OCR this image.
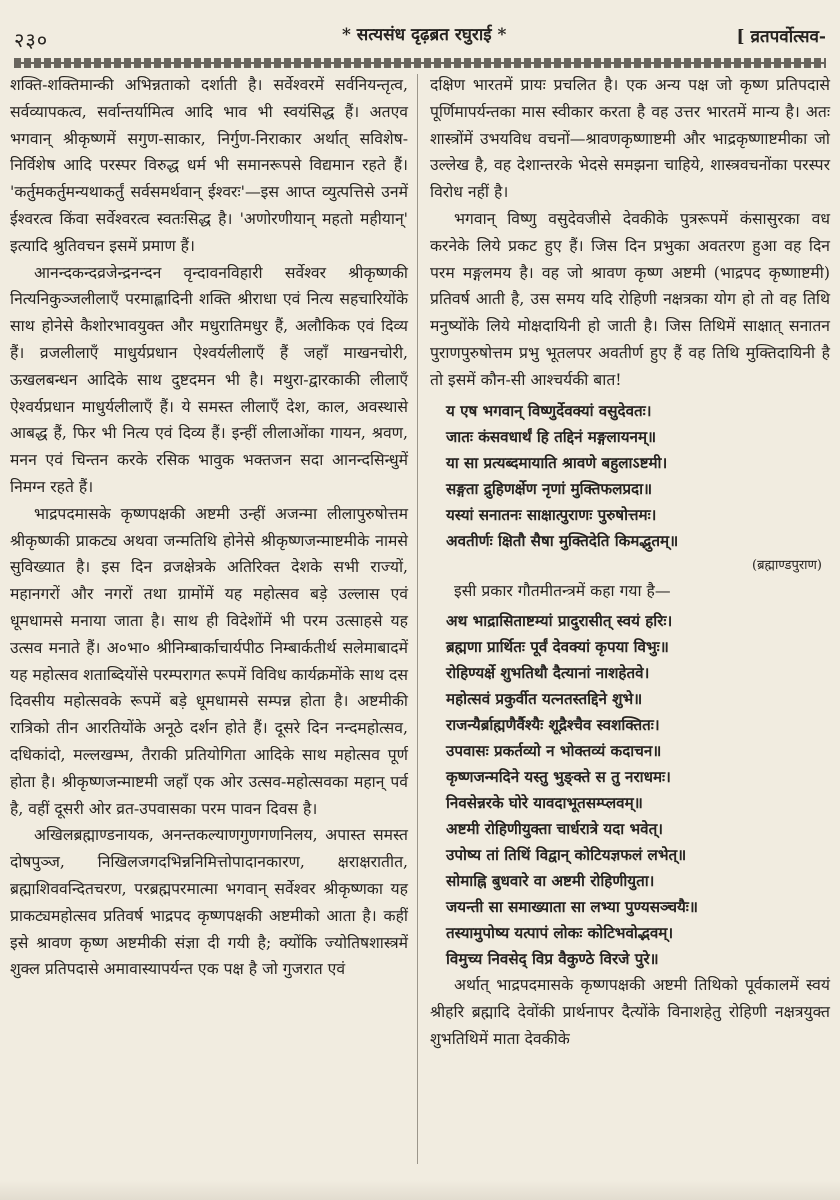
२३०	* सत्यसंध दृढ़ब्रत रघुराई *	[ व्रतपर्वोत्सव-

शक्ति-शक्तिमान्की अभिन्नताको दर्शाती है। सर्वेश्वरमें सर्वनियन्तृत्व, सर्वव्यापकत्व, सर्वान्तर्यामित्व आदि भाव भी स्वयंसिद्ध हैं। अतएव भगवान् श्रीकृष्णमें सगुण-साकार, निर्गुण-निराकार अर्थात् सविशेष-निर्विशेष आदि परस्पर विरुद्ध धर्म भी समानरूपसे विद्यमान रहते हैं। 'कर्तुमकर्तुमन्यथाकर्तुं सर्वसमर्थवान् ईश्वरः'—इस आप्त व्युत्पत्तिसे उनमें ईश्वरत्व किंवा सर्वेश्वरत्व स्वतःसिद्ध है। 'अणोरणीयान् महतो महीयान्' इत्यादि श्रुतिवचन इसमें प्रमाण हैं।

आनन्दकन्दव्रजेन्द्रनन्दन वृन्दावनविहारी सर्वेश्वर श्रीकृष्णकी नित्यनिकुञ्जलीलाएँ परमाह्लादिनी शक्ति श्रीराधा एवं नित्य सहचारियोंके साथ होनेसे कैशोरभावयुक्त और मधुरातिमधुर हैं, अलौकिक एवं दिव्य हैं। व्रजलीलाएँ माधुर्यप्रधान ऐश्वर्यलीलाएँ हैं जहाँ माखनचोरी, ऊखलबन्धन आदिके साथ दुष्टदमन भी है। मथुरा-द्वारकाकी लीलाएँ ऐश्वर्यप्रधान माधुर्यलीलाएँ हैं। ये समस्त लीलाएँ देश, काल, अवस्थासे आबद्ध हैं, फिर भी नित्य एवं दिव्य हैं। इन्हीं लीलाओंका गायन, श्रवण, मनन एवं चिन्तन करके रसिक भावुक भक्तजन सदा आनन्दसिन्धुमें निमग्न रहते हैं।

भाद्रपदमासके कृष्णपक्षकी अष्टमी उन्हीं अजन्मा लीलापुरुषोत्तम श्रीकृष्णकी प्राकट्य अथवा जन्मतिथि होनेसे श्रीकृष्णजन्माष्टमीके नामसे सुविख्यात है। इस दिन व्रजक्षेत्रके अतिरिक्त देशके सभी राज्यों, महानगरों और नगरों तथा ग्रामोंमें यह महोत्सव बड़े उल्लास एवं धूमधामसे मनाया जाता है। साथ ही विदेशोंमें भी परम उत्साहसे यह उत्सव मनाते हैं। अ०भा० श्रीनिम्बार्काचार्यपीठ निम्बार्कतीर्थ सलेमाबादमें यह महोत्सव शताब्दियोंसे परम्परागत रूपमें विविध कार्यक्रमोंके साथ दस दिवसीय महोत्सवके रूपमें बड़े धूमधामसे सम्पन्न होता है। अष्टमीकी रात्रिको तीन आरतियोंके अनूठे दर्शन होते हैं। दूसरे दिन नन्दमहोत्सव, दधिकांदो, मल्लखम्भ, तैराकी प्रतियोगिता आदिके साथ महोत्सव पूर्ण होता है। श्रीकृष्णजन्माष्टमी जहाँ एक ओर उत्सव-महोत्सवका महान् पर्व है, वहीं दूसरी ओर व्रत-उपवासका परम पावन दिवस है।

अखिलब्रह्माण्डनायक, अनन्तकल्याणगुणगणनिलय, अपास्त समस्त दोषपुञ्ज, निखिलजगदभिन्ननिमित्तोपादानकारण, क्षराक्षरातीत, ब्रह्माशिववन्दितचरण, परब्रह्मपरमात्मा भगवान् सर्वेश्वर श्रीकृष्णका यह प्राकट्यमहोत्सव प्रतिवर्ष भाद्रपद कृष्णपक्षकी अष्टमीको आता है। कहीं इसे श्रावण कृष्ण अष्टमीकी संज्ञा दी गयी है; क्योंकि ज्योतिषशास्त्रमें शुक्ल प्रतिपदासे अमावास्यापर्यन्त एक पक्ष है जो गुजरात एवं

दक्षिण भारतमें प्रायः प्रचलित है। एक अन्य पक्ष जो कृष्ण प्रतिपदासे पूर्णिमापर्यन्तका मास स्वीकार करता है वह उत्तर भारतमें मान्य है। अतः शास्त्रोंमें उभयविध वचनों—श्रावणकृष्णाष्टमी और भाद्रकृष्णाष्टमीका जो उल्लेख है, वह देशान्तरके भेदसे समझना चाहिये, शास्त्रवचनोंका परस्पर विरोध नहीं है।

भगवान् विष्णु वसुदेवजीसे देवकीके पुत्ररूपमें कंसासुरका वध करनेके लिये प्रकट हुए हैं। जिस दिन प्रभुका अवतरण हुआ वह दिन परम मङ्गलमय है। वह जो श्रावण कृष्ण अष्टमी (भाद्रपद कृष्णाष्टमी) प्रतिवर्ष आती है, उस समय यदि रोहिणी नक्षत्रका योग हो तो वह तिथि मनुष्योंके लिये मोक्षदायिनी हो जाती है। जिस तिथिमें साक्षात् सनातन पुराणपुरुषोत्तम प्रभु भूतलपर अवतीर्ण हुए हैं वह तिथि मुक्तिदायिनी है तो इसमें कौन-सी आश्चर्यकी बात!

य एष भगवान् विष्णुर्देवक्यां वसुदेवतः।
जातः कंसवधार्थं हि तद्दिनं मङ्गलायनम्॥
या सा प्रत्यब्दमायाति श्रावणे बहुलाऽष्टमी।
सङ्गता द्रुहिणर्क्षेण नृणां मुक्तिफलप्रदा॥
यस्यां सनातनः साक्षात्पुराणः पुरुषोत्तमः।
अवतीर्णः क्षितौ सैषा मुक्तिदेति किमद्भुतम्॥
(ब्रह्माण्डपुराण)

इसी प्रकार गौतमीतन्त्रमें कहा गया है—

अथ भाद्रासिताष्टम्यां प्रादुरासीत् स्वयं हरिः।
ब्रह्मणा प्रार्थितः पूर्वं देवक्यां कृपया विभुः॥
रोहिण्यर्क्षे शुभतिथौ दैत्यानां नाशहेतवे।
महोत्सवं प्रकुर्वीत यत्नतस्तद्दिने शुभे॥
राजन्यैर्ब्राह्मणैर्वैश्यैः शूद्रैश्चैव स्वशक्तितः।
उपवासः प्रकर्तव्यो न भोक्तव्यं कदाचन॥
कृष्णजन्मदिने यस्तु भुङ्क्ते स तु नराधमः।
निवसेन्नरके घोरे यावदाभूतसम्प्लवम्॥
अष्टमी रोहिणीयुक्ता चार्धरात्रे यदा भवेत्।
उपोष्य तां तिथिं विद्वान् कोटियज्ञफलं लभेत्॥
सोमाह्नि बुधवारे वा अष्टमी रोहिणीयुता।
जयन्ती सा समाख्याता सा लभ्या पुण्यसञ्चयैः॥
तस्यामुपोष्य यत्पापं लोकः कोटिभवोद्भवम्।
विमुच्य निवसेद् विप्र वैकुण्ठे विरजे पुरे॥

अर्थात् भाद्रपदमासके कृष्णपक्षकी अष्टमी तिथिको पूर्वकालमें स्वयं श्रीहरि ब्रह्मादि देवोंकी प्रार्थनापर दैत्योंके विनाशहेतु रोहिणी नक्षत्रयुक्त शुभतिथिमें माता देवकीके
